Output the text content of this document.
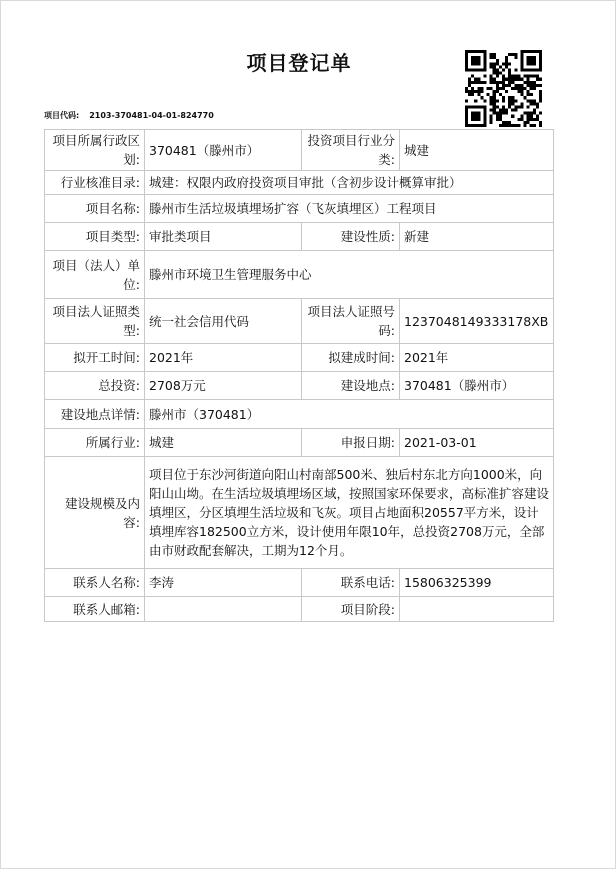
项目登记单
项目代码: 2103-370481-04-01-824770
项目所属行政区划:	370481（滕州市）	投资项目行业分类:	城建
行业核准目录:	城建：权限内政府投资项目审批（含初步设计概算审批）		
项目名称:	滕州市生活垃圾填埋场扩容（飞灰填埋区）工程项目		
项目类型:	审批类项目	建设性质:	新建
项目（法人）单位:	滕州市环境卫生管理服务中心		
项目法人证照类型:	统一社会信用代码	项目法人证照号码:	1237048149333178XB
拟开工时间:	2021年	拟建成时间:	2021年
总投资:	2708万元	建设地点:	370481（滕州市）
建设地点详情:	滕州市（370481）		
所属行业:	城建	申报日期:	2021-03-01
建设规模及内容:	项目位于东沙河街道向阳山村南部500米、独后村东北方向1000米，向阳山山坳。在生活垃圾填埋场区域，按照国家环保要求，高标准扩容建设填埋区，分区填埋生活垃圾和飞灰。项目占地面积20557平方米，设计填埋库容182500立方米，设计使用年限10年，总投资2708万元，全部由市财政配套解决，工期为12个月。		
联系人名称:	李涛	联系电话:	15806325399
联系人邮箱:		项目阶段:	
